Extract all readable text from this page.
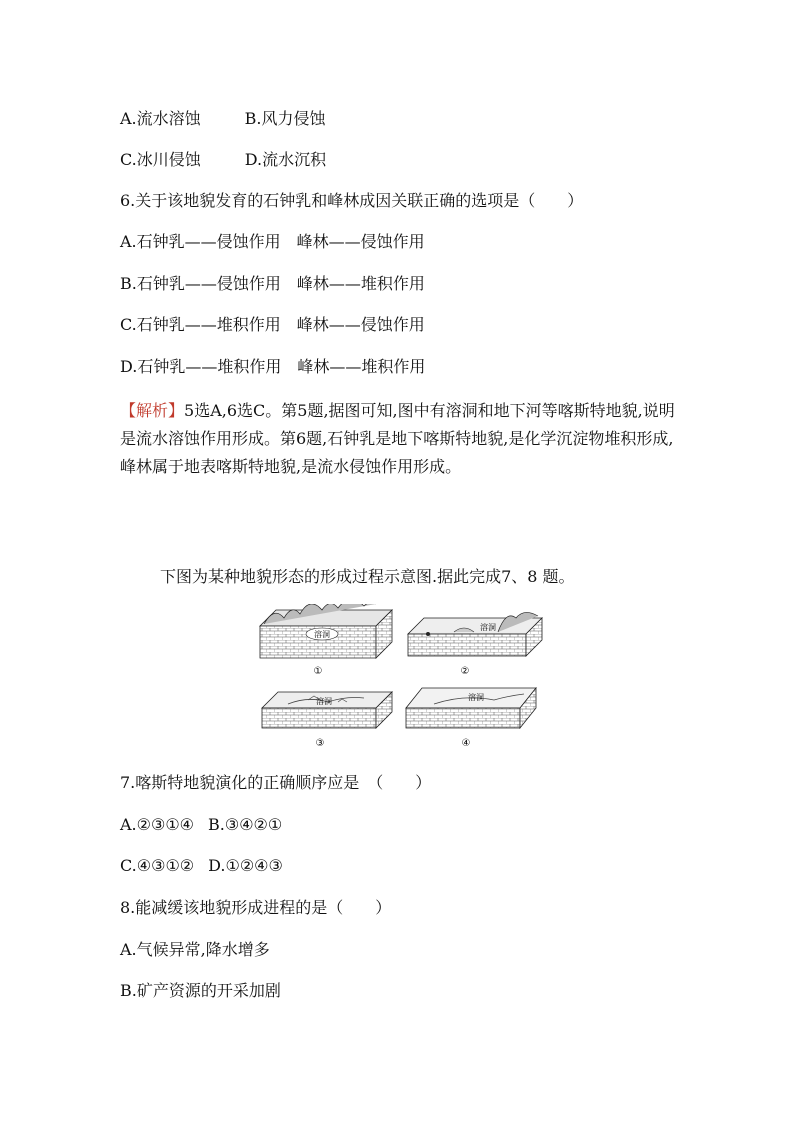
A.流水溶蚀	B.风力侵蚀
C.冰川侵蚀	D.流水沉积
6.关于该地貌发育的石钟乳和峰林成因关联正确的选项是（　　）
A.石钟乳——侵蚀作用　峰林——侵蚀作用
B.石钟乳——侵蚀作用　峰林——堆积作用
C.石钟乳——堆积作用　峰林——侵蚀作用
D.石钟乳——堆积作用　峰林——堆积作用
【解析】5选A,6选C。第5题,据图可知,图中有溶洞和地下河等喀斯特地貌,说明是流水溶蚀作用形成。第6题,石钟乳是地下喀斯特地貌,是化学沉淀物堆积形成,峰林属于地表喀斯特地貌,是流水侵蚀作用形成。
下图为某种地貌形态的形成过程示意图.据此完成7、8 题。
溶洞
①
溶洞
②
溶洞
③
溶洞
④
7.喀斯特地貌演化的正确顺序应是　（　　）
A.②③①④ B.③④②①
C.④③①② D.①②④③
8.能减缓该地貌形成进程的是（　　）
A.气候异常,降水增多
B.矿产资源的开采加剧
